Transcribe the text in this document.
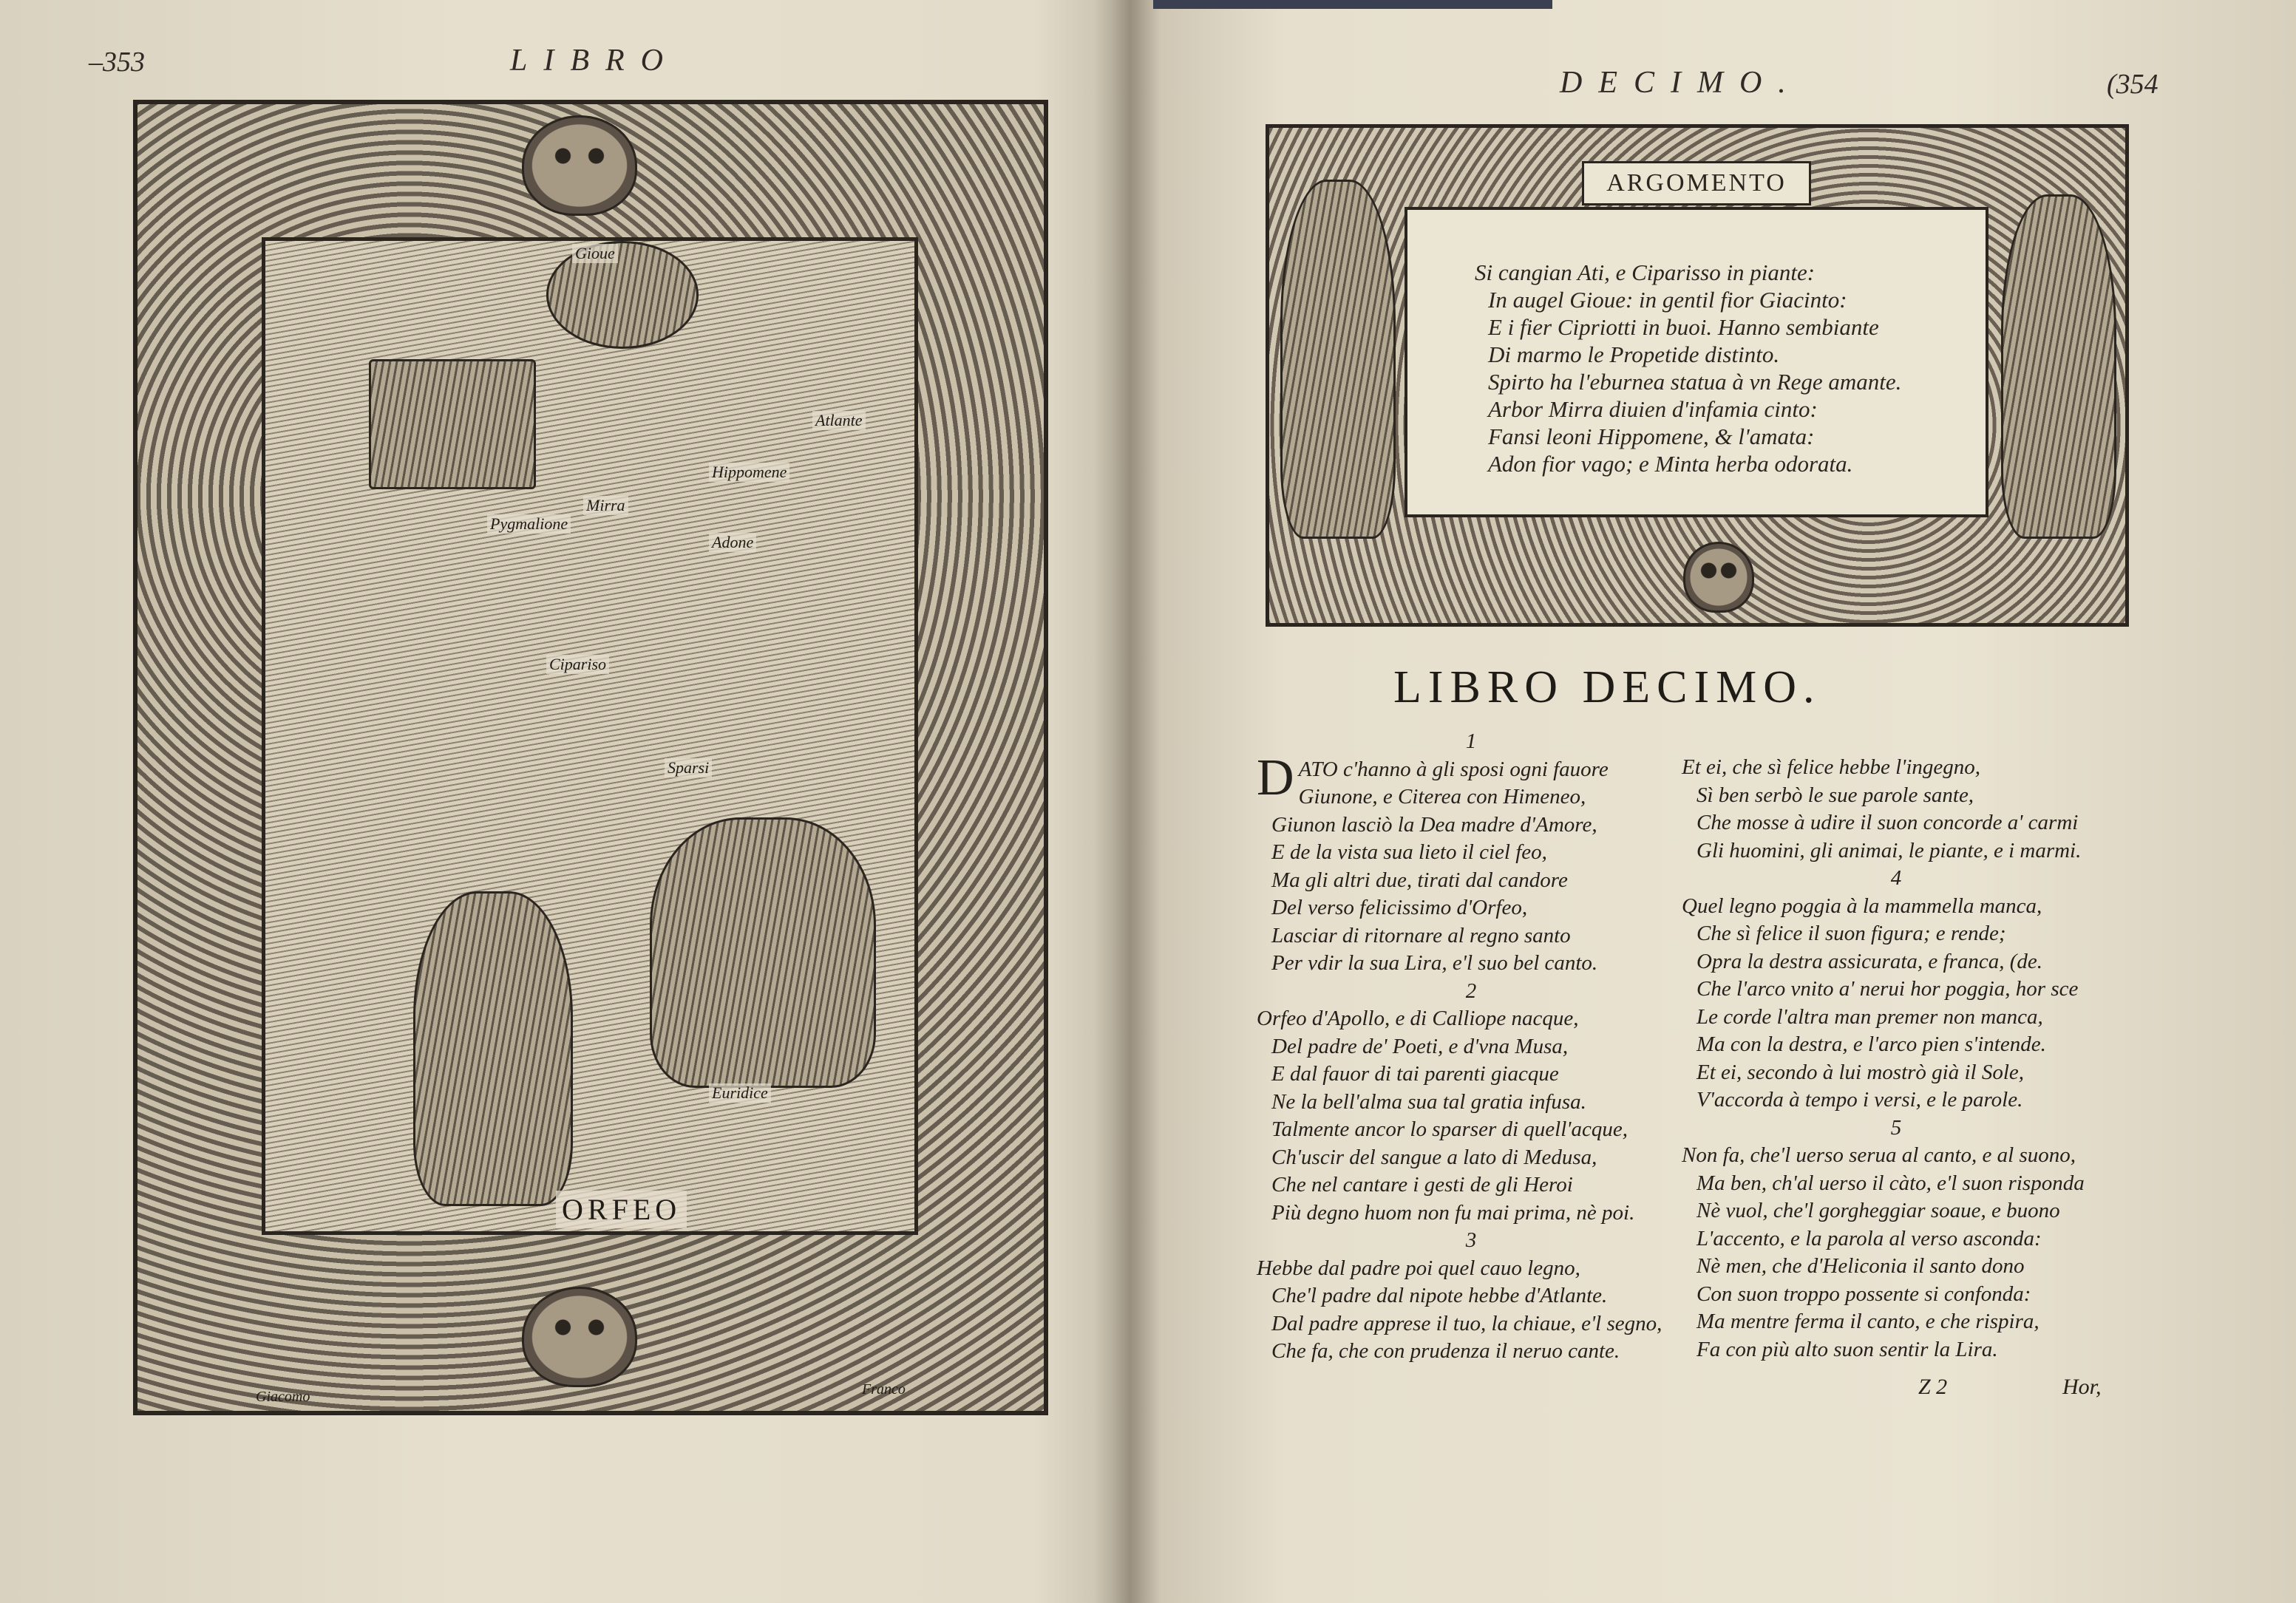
–353	LIBRO
Gioue
Atlante
Pygmalione
Hippomene
Mirra
Adone
Cipariso
Sparsi
Euridice
ORFEO
Giacomo	Franco
DECIMO.	(354
ARGOMENTO
Si cangian Ati, e Ciparisso in piante:
In augel Gioue: in gentil fior Giacinto:
E i fier Cipriotti in buoi. Hanno sembiante
Di marmo le Propetide distinto.
Spirto ha l'eburnea statua à vn Rege amante.
Arbor Mirra diuien d'infamia cinto:
Fansi leoni Hippomene, & l'amata:
Adon fior vago; e Minta herba odorata.
LIBRO DECIMO.
1
D ATO c'hanno à gli sposi ogni fauore
Giunone, e Citerea con Himeneo,
Giunon lasciò la Dea madre d'Amore,
E de la vista sua lieto il ciel feo,
Ma gli altri due, tirati dal candore
Del verso felicissimo d'Orfeo,
Lasciar di ritornare al regno santo
Per vdir la sua Lira, e'l suo bel canto.
2
Orfeo d'Apollo, e di Calliope nacque,
Del padre de' Poeti, e d'vna Musa,
E dal fauor di tai parenti giacque
Ne la bell'alma sua tal gratia infusa.
Talmente ancor lo sparser di quell'acque,
Ch'uscir del sangue a lato di Medusa,
Che nel cantare i gesti de gli Heroi
Più degno huom non fu mai prima, nè poi.
3
Hebbe dal padre poi quel cauo legno,
Che'l padre dal nipote hebbe d'Atlante.
Dal padre apprese il tuo, la chiaue, e'l segno,
Che fa, che con prudenza il neruo cante.
Et ei, che sì felice hebbe l'ingegno,
Sì ben serbò le sue parole sante,
Che mosse à udire il suon concorde a' carmi
Gli huomini, gli animai, le piante, e i marmi.
4
Quel legno poggia à la mammella manca,
Che sì felice il suon figura; e rende;
Opra la destra assicurata, e franca, (de.
Che l'arco vnito a' nerui hor poggia, hor sce
Le corde l'altra man premer non manca,
Ma con la destra, e l'arco pien s'intende.
Et ei, secondo à lui mostrò già il Sole,
V'accorda à tempo i versi, e le parole.
5
Non fa, che'l uerso serua al canto, e al suono,
Ma ben, ch'al uerso il càto, e'l suon risponda
Nè vuol, che'l gorgheggiar soaue, e buono
L'accento, e la parola al verso asconda:
Nè men, che d'Heliconia il santo dono
Con suon troppo possente si confonda:
Ma mentre ferma il canto, e che rispira,
Fa con più alto suon sentir la Lira.
Z 2	Hor,
